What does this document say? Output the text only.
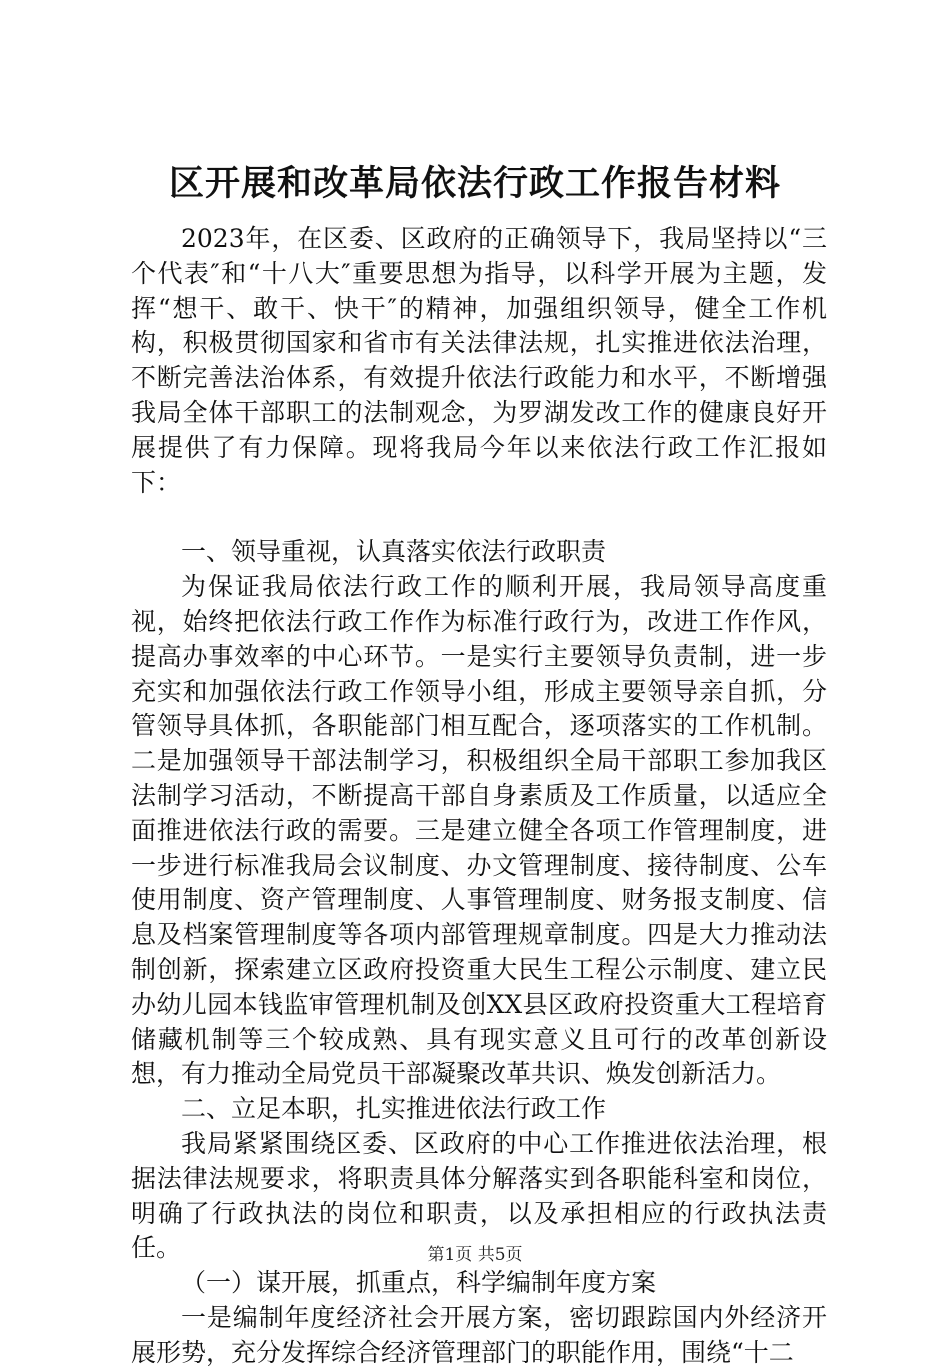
区开展和改革局依法行政工作报告材料

2023年，在区委、区政府的正确领导下，我局坚持以“三个代表″和“十八大″重要思想为指导，以科学开展为主题，发挥“想干、敢干、快干″的精神，加强组织领导，健全工作机构，积极贯彻国家和省市有关法律法规，扎实推进依法治理，不断完善法治体系，有效提升依法行政能力和水平，不断增强我局全体干部职工的法制观念，为罗湖发改工作的健康良好开展提供了有力保障。现将我局今年以来依法行政工作汇报如下：

一、领导重视，认真落实依法行政职责

为保证我局依法行政工作的顺利开展，我局领导高度重视，始终把依法行政工作作为标准行政行为，改进工作作风，提高办事效率的中心环节。一是实行主要领导负责制，进一步充实和加强依法行政工作领导小组，形成主要领导亲自抓，分管领导具体抓，各职能部门相互配合，逐项落实的工作机制。二是加强领导干部法制学习，积极组织全局干部职工参加我区法制学习活动，不断提高干部自身素质及工作质量，以适应全面推进依法行政的需要。三是建立健全各项工作管理制度，进一步进行标准我局会议制度、办文管理制度、接待制度、公车使用制度、资产管理制度、人事管理制度、财务报支制度、信息及档案管理制度等各项内部管理规章制度。四是大力推动法制创新，探索建立区政府投资重大民生工程公示制度、建立民办幼儿园本钱监审管理机制及创XX县区政府投资重大工程培育储藏机制等三个较成熟、具有现实意义且可行的改革创新设想，有力推动全局党员干部凝聚改革共识、焕发创新活力。

二、立足本职，扎实推进依法行政工作

我局紧紧围绕区委、区政府的中心工作推进依法治理，根据法律法规要求，将职责具体分解落实到各职能科室和岗位，明确了行政执法的岗位和职责，以及承担相应的行政执法责任。

（一）谋开展，抓重点，科学编制年度方案

一是编制年度经济社会开展方案，密切跟踪国内外经济开展形势，充分发挥综合经济管理部门的职能作用，围绕“十二

第1页 共5页
